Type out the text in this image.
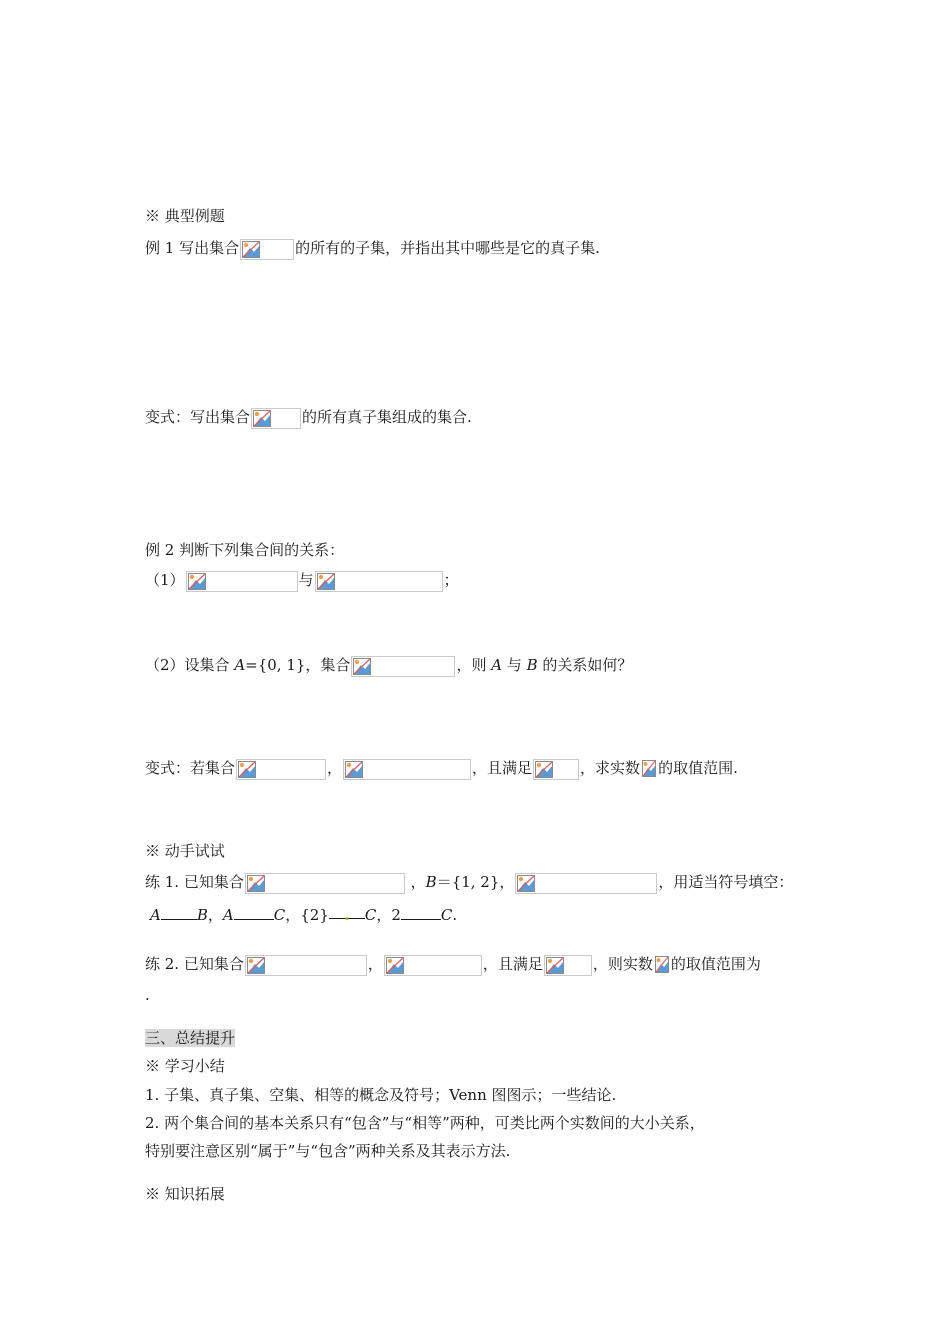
※ 典型例题
例 1 写出集合	的所有的子集，并指出其中哪些是它的真子集.
变式：写出集合	的所有真子集组成的集合.
例 2 判断下列集合间的关系：
（1）	与	；
（2）设集合 A={0, 1}，集合	，则 A 与 B 的关系如何？
变式：若集合	，	，且满足	，求实数 的取值范围.
※ 动手试试
练 1. 已知集合	，B＝{1, 2}，	，用适当符号填空：
A B，A	C，{2} . C，2	C.
练 2. 已知集合	，	，且满足	，则实数 的取值范围为
.
三、总结提升
※ 学习小结
1. 子集、真子集、空集、相等的概念及符号；Venn 图图示；一些结论.
2. 两个集合间的基本关系只有“包含”与“相等”两种，可类比两个实数间的大小关系，
特别要注意区别“属于”与“包含”两种关系及其表示方法.
※ 知识拓展
